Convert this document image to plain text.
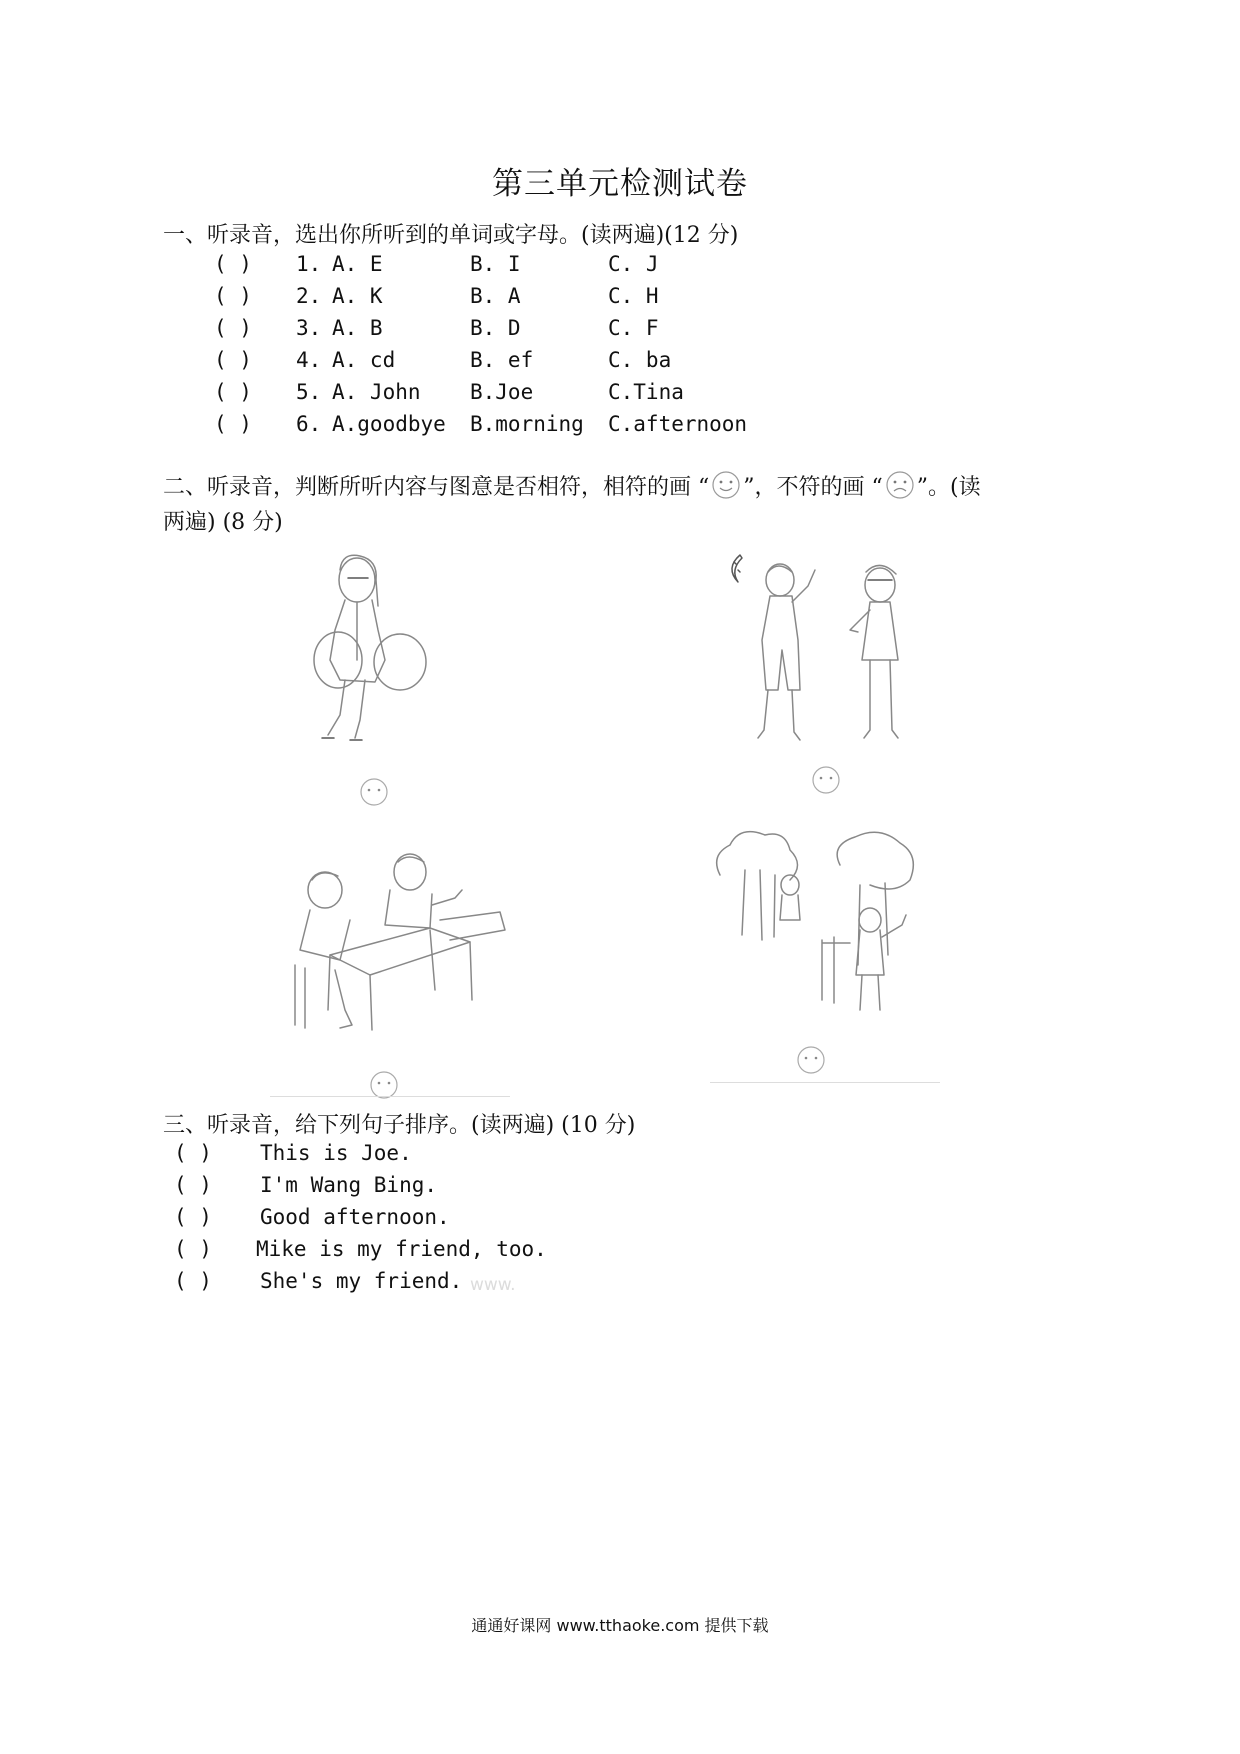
第三单元检测试卷
一、听录音，选出你所听到的单词或字母。(读两遍)(12 分)
( ) 1. A. E	B. I	C. J
( ) 2. A. K	B. A	C. H
( ) 3. A. B	B. D	C. F
( ) 4. A. cd	B. ef	C. ba
( ) 5. A. John B.Joe	C.Tina
( ) 6. A.goodbye B.morning C.afternoon
二、听录音，判断所听内容与图意是否相符，相符的画 “ ”，不符的画 “ ”。(读
两遍) (8 分)
三、听录音，给下列句子排序。(读两遍) (10 分)
( ) This is Joe.
( ) I'm Wang Bing.
( ) Good afternoon.
( ) Mike is my friend, too.
( ) She's my friend. www.
通通好课网 www.tthaoke.com 提供下载
